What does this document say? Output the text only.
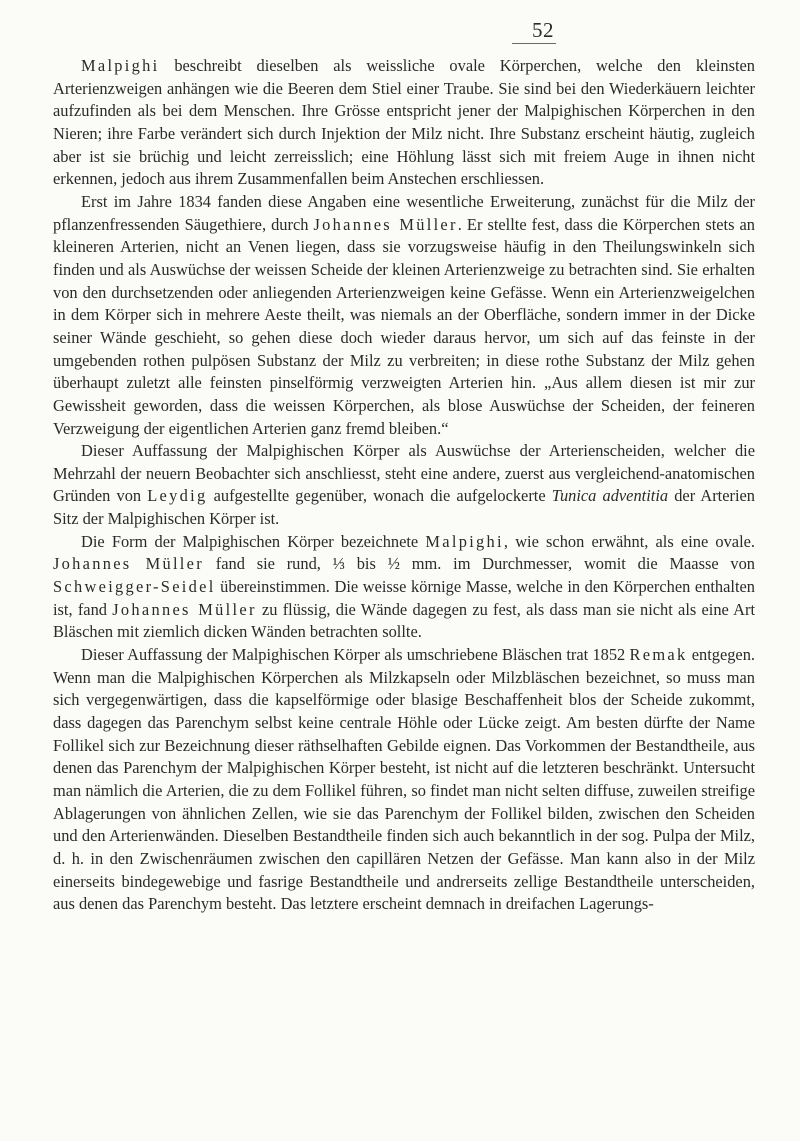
52

Malpighi beschreibt dieselben als weissliche ovale Körperchen, welche den kleinsten Arterienzweigen anhängen wie die Beeren dem Stiel einer Traube. Sie sind bei den Wiederkäuern leichter aufzufinden als bei dem Menschen. Ihre Grösse entspricht jener der Malpighischen Körperchen in den Nieren; ihre Farbe verändert sich durch Injektion der Milz nicht. Ihre Substanz erscheint häutig, zugleich aber ist sie brüchig und leicht zerreisslich; eine Höhlung lässt sich mit freiem Auge in ihnen nicht erkennen, jedoch aus ihrem Zusammenfallen beim Anstechen erschliessen.

Erst im Jahre 1834 fanden diese Angaben eine wesentliche Erweiterung, zunächst für die Milz der pflanzenfressenden Säugethiere, durch Johannes Müller. Er stellte fest, dass die Körperchen stets an kleineren Arterien, nicht an Venen liegen, dass sie vorzugsweise häufig in den Theilungswinkeln sich finden und als Auswüchse der weissen Scheide der kleinen Arterienzweige zu betrachten sind. Sie erhalten von den durchsetzenden oder anliegenden Arterienzweigen keine Gefässe. Wenn ein Arterienzweigelchen in dem Körper sich in mehrere Aeste theilt, was niemals an der Oberfläche, sondern immer in der Dicke seiner Wände geschieht, so gehen diese doch wieder daraus hervor, um sich auf das feinste in der umgebenden rothen pulpösen Substanz der Milz zu verbreiten; in diese rothe Substanz der Milz gehen überhaupt zuletzt alle feinsten pinselförmig verzweigten Arterien hin. „Aus allem diesen ist mir zur Gewissheit geworden, dass die weissen Körperchen, als blose Auswüchse der Scheiden, der feineren Verzweigung der eigentlichen Arterien ganz fremd bleiben.“

Dieser Auffassung der Malpighischen Körper als Auswüchse der Arterienscheiden, welcher die Mehrzahl der neuern Beobachter sich anschliesst, steht eine andere, zuerst aus vergleichend-anatomischen Gründen von Leydig aufgestellte gegenüber, wonach die aufgelockerte Tunica adventitia der Arterien Sitz der Malpighischen Körper ist.

Die Form der Malpighischen Körper bezeichnete Malpighi, wie schon erwähnt, als eine ovale. Johannes Müller fand sie rund, ⅓ bis ½ mm. im Durchmesser, womit die Maasse von Schweigger-Seidel übereinstimmen. Die weisse körnige Masse, welche in den Körperchen enthalten ist, fand Johannes Müller zu flüssig, die Wände dagegen zu fest, als dass man sie nicht als eine Art Bläschen mit ziemlich dicken Wänden betrachten sollte.

Dieser Auffassung der Malpighischen Körper als umschriebene Bläschen trat 1852 Remak entgegen. Wenn man die Malpighischen Körperchen als Milzkapseln oder Milzbläschen bezeichnet, so muss man sich vergegenwärtigen, dass die kapselförmige oder blasige Beschaffenheit blos der Scheide zukommt, dass dagegen das Parenchym selbst keine centrale Höhle oder Lücke zeigt. Am besten dürfte der Name Follikel sich zur Bezeichnung dieser räthselhaften Gebilde eignen. Das Vorkommen der Bestandtheile, aus denen das Parenchym der Malpighischen Körper besteht, ist nicht auf die letzteren beschränkt. Untersucht man nämlich die Arterien, die zu dem Follikel führen, so findet man nicht selten diffuse, zuweilen streifige Ablagerungen von ähnlichen Zellen, wie sie das Parenchym der Follikel bilden, zwischen den Scheiden und den Arterienwänden. Dieselben Bestandtheile finden sich auch bekanntlich in der sog. Pulpa der Milz, d. h. in den Zwischenräumen zwischen den capillären Netzen der Gefässe. Man kann also in der Milz einerseits bindegewebige und fasrige Bestandtheile und andrerseits zellige Bestandtheile unterscheiden, aus denen das Parenchym besteht. Das letztere erscheint demnach in dreifachen Lagerungs-
